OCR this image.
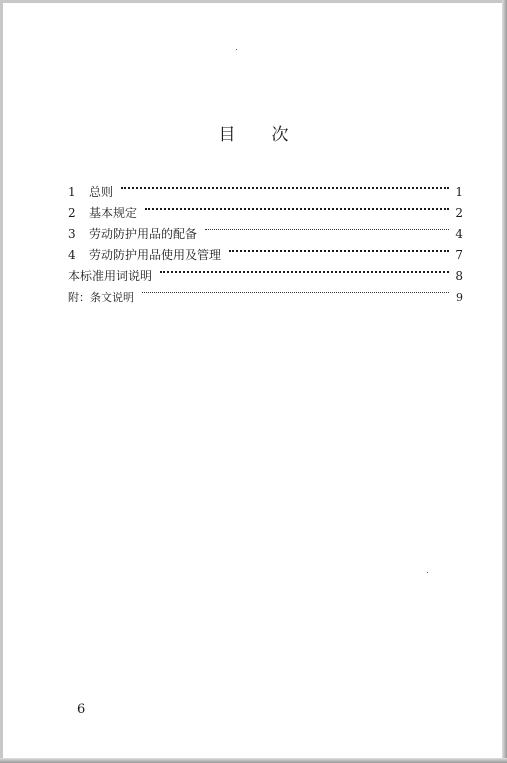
目 次
1	总则	1
2	基本规定	2
3	劳动防护用品的配备	4
4	劳动防护用品使用及管理	7
本标准用词说明	8
附：条文说明	9
6
